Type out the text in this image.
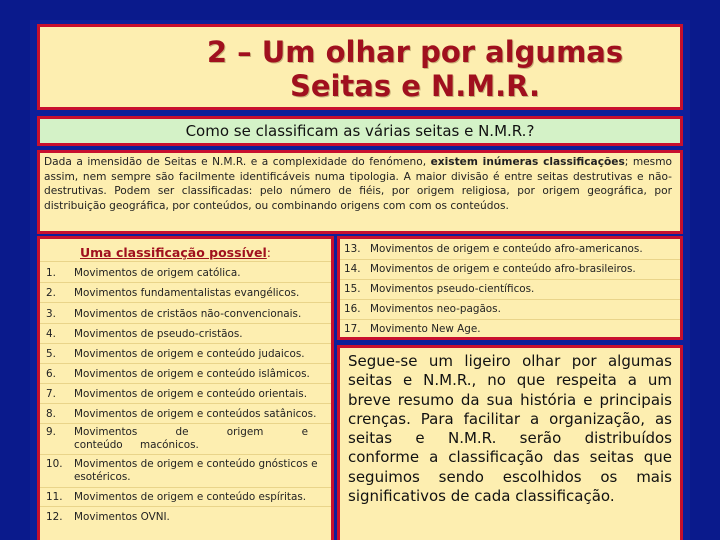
2 – Um olhar por algumas
Seitas e N.M.R.
Como se classificam as várias seitas e N.M.R.?
Dada a imensidão de Seitas e N.M.R. e a complexidade do fenómeno, existem inúmeras classificações; mesmo assim, nem sempre são facilmente identificáveis numa tipologia. A maior divisão é entre seitas destrutivas e não-destrutivas. Podem ser classificadas: pelo número de fiéis, por origem religiosa, por origem geográfica, por distribuição geográfica, por conteúdos, ou combinando origens com com os conteúdos.
Uma classificação possível:
1.	Movimentos de origem católica.
2.	Movimentos fundamentalistas evangélicos.
3.	Movimentos de cristãos não-convencionais.
4.	Movimentos de pseudo-cristãos.
5.	Movimentos de origem e conteúdo judaicos.
6.	Movimentos de origem e conteúdo islâmicos.
7.	Movimentos de origem e conteúdo orientais.
8.	Movimentos de origem e conteúdos satânicos.
9.	Movimentos de origem e conteúdo macónicos.
10.	Movimentos de origem e conteúdo gnósticos e esotéricos.
11.	Movimentos de origem e conteúdo espíritas.
12.	Movimentos OVNI.
13. Movimentos de origem e conteúdo afro-americanos.
14. Movimentos de origem e conteúdo afro-brasileiros.
15. Movimentos pseudo-científicos.
16. Movimentos neo-pagãos.
17. Movimento New Age.
Segue-se um ligeiro olhar por algumas seitas e N.M.R., no que respeita a um breve resumo da sua história e principais crenças. Para facilitar a organização, as seitas e N.M.R. serão distribuídos conforme a classificação das seitas que seguimos sendo escolhidos os mais significativos de cada classificação.
